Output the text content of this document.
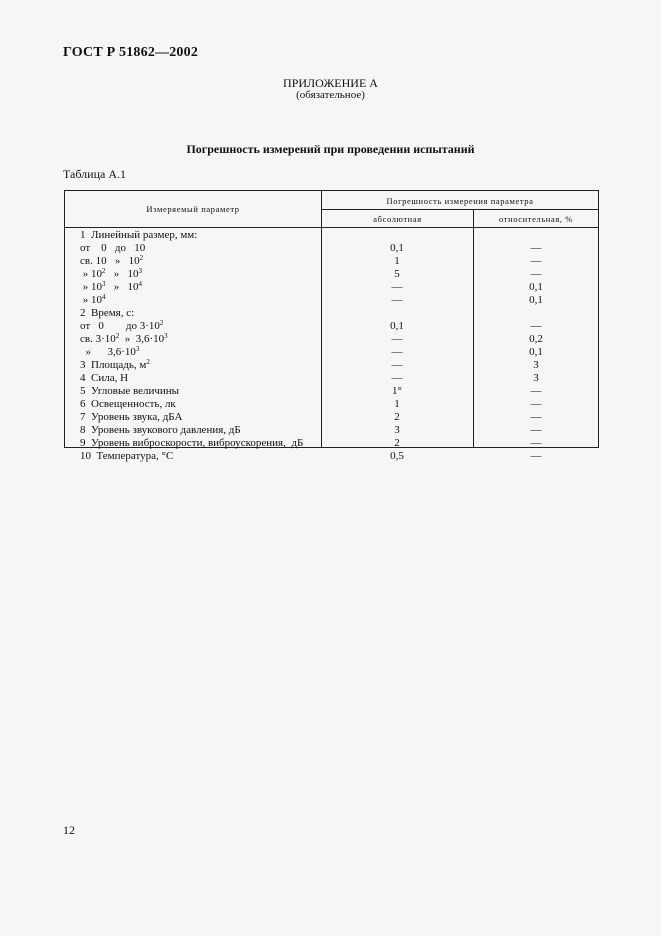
ГОСТ Р 51862—2002
ПРИЛОЖЕНИЕ А
(обязательное)
Погрешность измерений при проведении испытаний
Таблица А.1
Измеряемый параметр
Погрешность измерения параметра
абсолютная	относительная, %
1  Линейный размер, мм:
от    0   до   10	0,1	—
св. 10   »   $10^2$	1	—
» $10^2$   »   $10^3$	5	—
» $10^3$   »   $10^4$	—	0,1
» $10^4$	—	0,1
2  Время, с:
от   0        до $3\cdot 10^2$	0,1	—
св. $3\cdot 10^2$  »  $3,6\cdot 10^3$	—	0,2
»      $3,6\cdot 10^3$	—	0,1
3  Площадь, $м^2$	—	3
4  Сила, Н	—	3
5  Угловые величины	1°	—
6  Освещенность, лк	1	—
7  Уровень звука, дБА	2	—
8  Уровень звукового давления, дБ	3	—
9  Уровень виброскорости, виброускорения,  дБ	2	—
10  Температура, °С	0,5	—
12
